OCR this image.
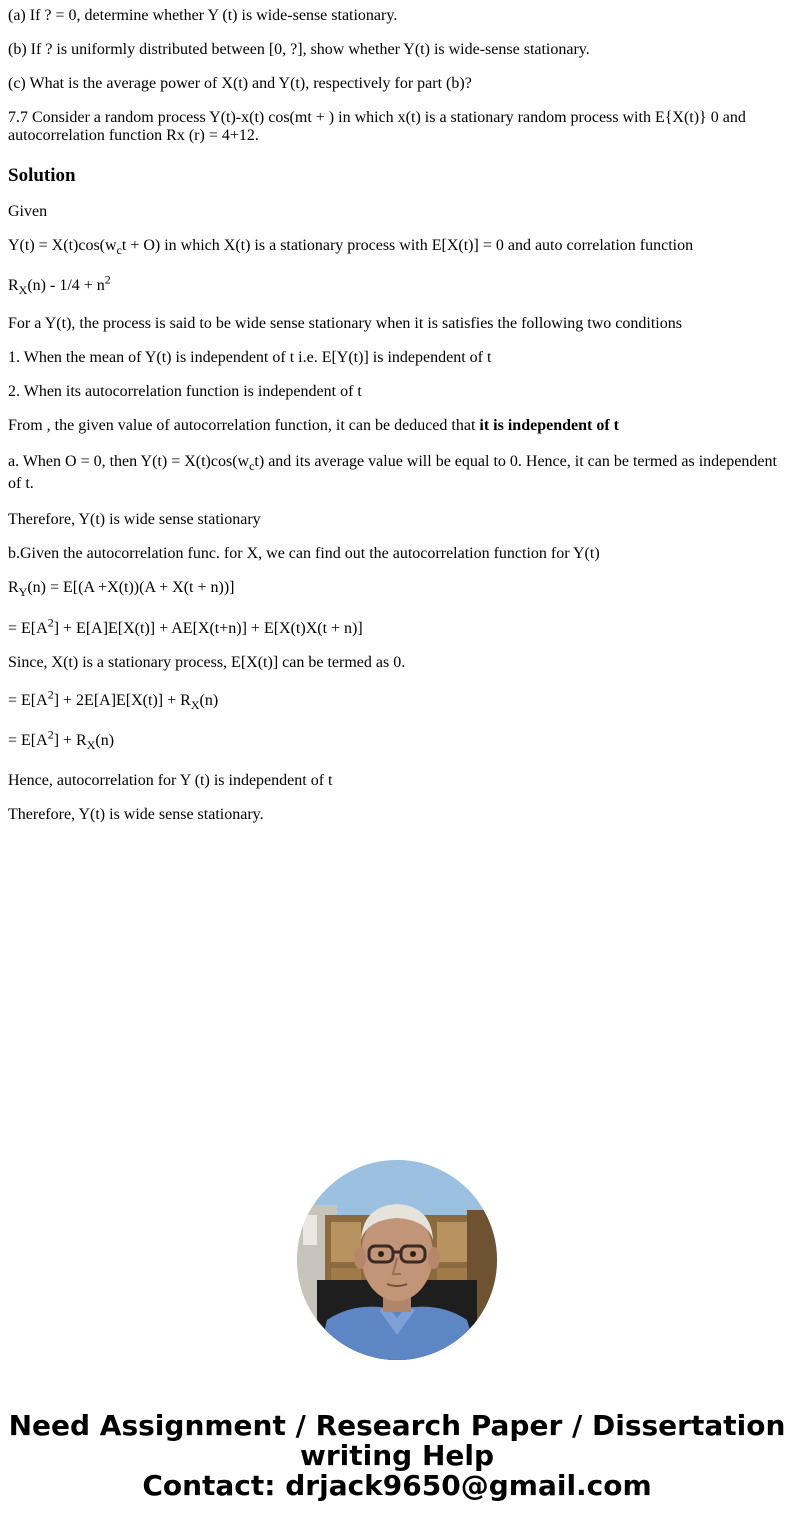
(a) If ? = 0, determine whether Y (t) is wide-sense stationary.

(b) If ? is uniformly distributed between [0, ?], show whether Y(t) is wide-sense stationary.

(c) What is the average power of X(t) and Y(t), respectively for part (b)?

7.7 Consider a random process Y(t)-x(t) cos(mt + ) in which x(t) is a stationary random process with E{X(t)} 0 and autocorrelation function Rx (r) = 4+12.

Solution

Given

$Y(t) = X(t)\cos(w_ct + O)$ in which X(t) is a stationary process with E[X(t)] = 0 and auto correlation function

$R_X(n) - 1/4 + n^2$

For a Y(t), the process is said to be wide sense stationary when it is satisfies the following two conditions

1. When the mean of Y(t) is independent of t i.e. E[Y(t)] is independent of t

2. When its autocorrelation function is independent of t

From , the given value of autocorrelation function, it can be deduced that it is independent of t

a. When O = 0, then $Y(t) = X(t)\cos(w_ct)$ and its average value will be equal to 0. Hence, it can be termed as independent of t.

Therefore, Y(t) is wide sense stationary

b.Given the autocorrelation func. for X, we can find out the autocorrelation function for Y(t)

$R_Y(n) = E[(A +X(t))(A + X(t + n))]$

= $E[A^2] + E[A]E[X(t)] + AE[X(t+n)] + E[X(t)X(t + n)]$

Since, X(t) is a stationary process, E[X(t)] can be termed as 0.

= $E[A^2] + 2E[A]E[X(t)] + R_X(n)$

= $E[A^2] + R_X(n)$

Hence, autocorrelation for Y (t) is independent of t

Therefore, Y(t) is wide sense stationary.

Need Assignment / Research Paper / Dissertation
writing Help
Contact: drjack9650@gmail.com
